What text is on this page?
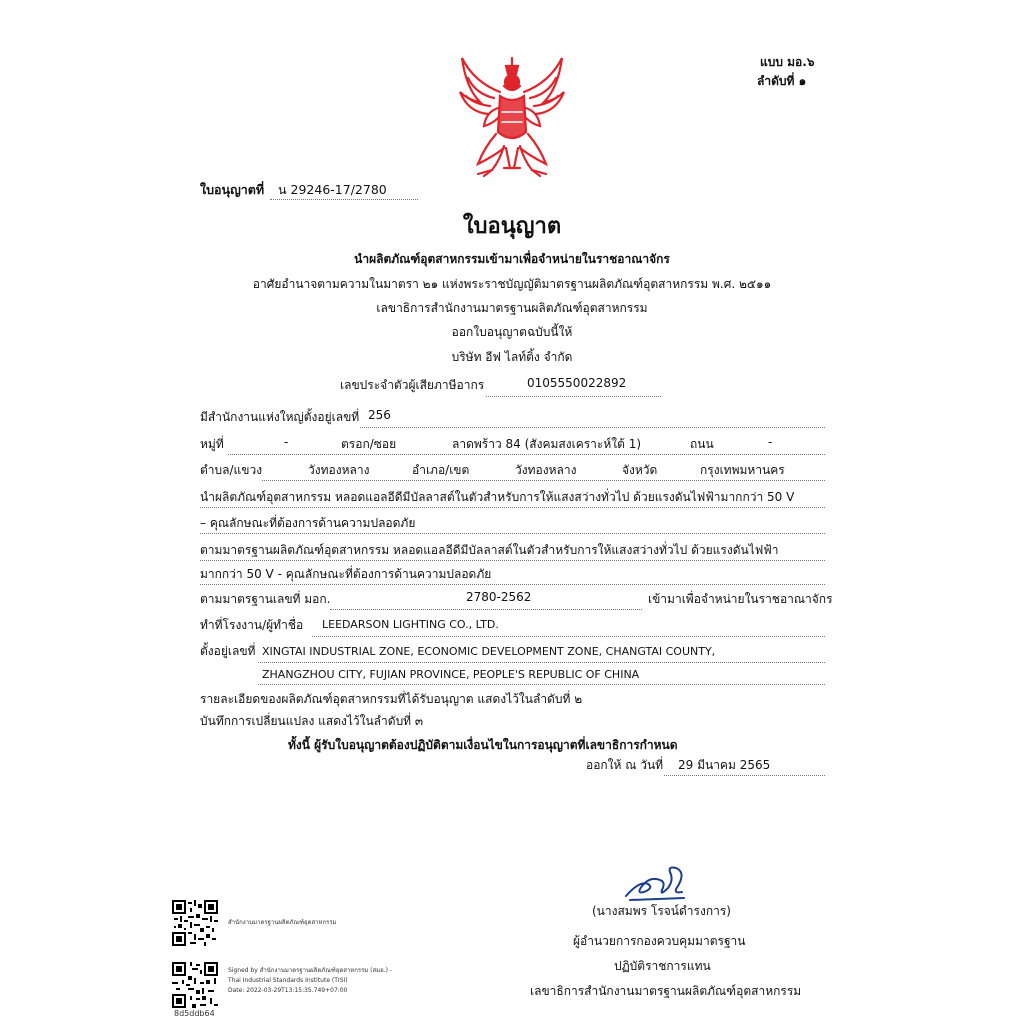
แบบ มอ.๖
ลำดับที่ ๑
ใบอนุญาตที่ น 29246-17/2780
ใบอนุญาต
นำผลิตภัณฑ์อุตสาหกรรมเข้ามาเพื่อจำหน่ายในราชอาณาจักร
อาศัยอำนาจตามความในมาตรา ๒๑ แห่งพระราชบัญญัติมาตรฐานผลิตภัณฑ์อุตสาหกรรม พ.ศ. ๒๕๑๑
เลขาธิการสำนักงานมาตรฐานผลิตภัณฑ์อุตสาหกรรม
ออกใบอนุญาตฉบับนี้ให้
บริษัท อีฟ ไลท์ติ้ง จำกัด
เลขประจำตัวผู้เสียภาษีอากร	0105550022892
มีสำนักงานแห่งใหญ่ตั้งอยู่เลขที่ 256
หมู่ที่	-	ตรอก/ซอย	ลาดพร้าว 84 (สังคมสงเคราะห์ใต้ 1)	ถนน	-
ตำบล/แขวง	วังทองหลาง	อำเภอ/เขต	วังทองหลาง	จังหวัด	กรุงเทพมหานคร
นำผลิตภัณฑ์อุตสาหกรรม หลอดแอลอีดีมีบัลลาสต์ในตัวสำหรับการให้แสงสว่างทั่วไป ด้วยแรงดันไฟฟ้ามากกว่า 50 V
– คุณลักษณะที่ต้องการด้านความปลอดภัย
ตามมาตรฐานผลิตภัณฑ์อุตสาหกรรม หลอดแอลอีดีมีบัลลาสต์ในตัวสำหรับการให้แสงสว่างทั่วไป ด้วยแรงดันไฟฟ้า
มากกว่า 50 V - คุณลักษณะที่ต้องการด้านความปลอดภัย
ตามมาตรฐานเลขที่ มอก.	2780-2562	เข้ามาเพื่อจำหน่ายในราชอาณาจักร
ทำที่โรงงาน/ผู้ทำชื่อ LEEDARSON LIGHTING CO., LTD.
ตั้งอยู่เลขที่ XINGTAI INDUSTRIAL ZONE, ECONOMIC DEVELOPMENT ZONE, CHANGTAI COUNTY,
ZHANGZHOU CITY, FUJIAN PROVINCE, PEOPLE'S REPUBLIC OF CHINA
รายละเอียดของผลิตภัณฑ์อุตสาหกรรมที่ได้รับอนุญาต แสดงไว้ในลำดับที่ ๒
บันทึกการเปลี่ยนแปลง แสดงไว้ในลำดับที่ ๓
ทั้งนี้ ผู้รับใบอนุญาตต้องปฏิบัติตามเงื่อนไขในการอนุญาตที่เลขาธิการกำหนด
ออกให้ ณ วันที่ 29 มีนาคม 2565
(นางสมพร โรจน์ดำรงการ)
ผู้อำนวยการกองควบคุมมาตรฐาน
ปฏิบัติราชการแทน
เลขาธิการสำนักงานมาตรฐานผลิตภัณฑ์อุตสาหกรรม
สำนักงานมาตรฐานผลิตภัณฑ์อุตสาหกรรม
Signed by สำนักงานมาตรฐานผลิตภัณฑ์อุตสาหกรรม (สมอ.) -
Thai Industrial Standards Institute (TISI)
Date: 2022-03-29T13:15:35.749+07:00
8d5ddb64
